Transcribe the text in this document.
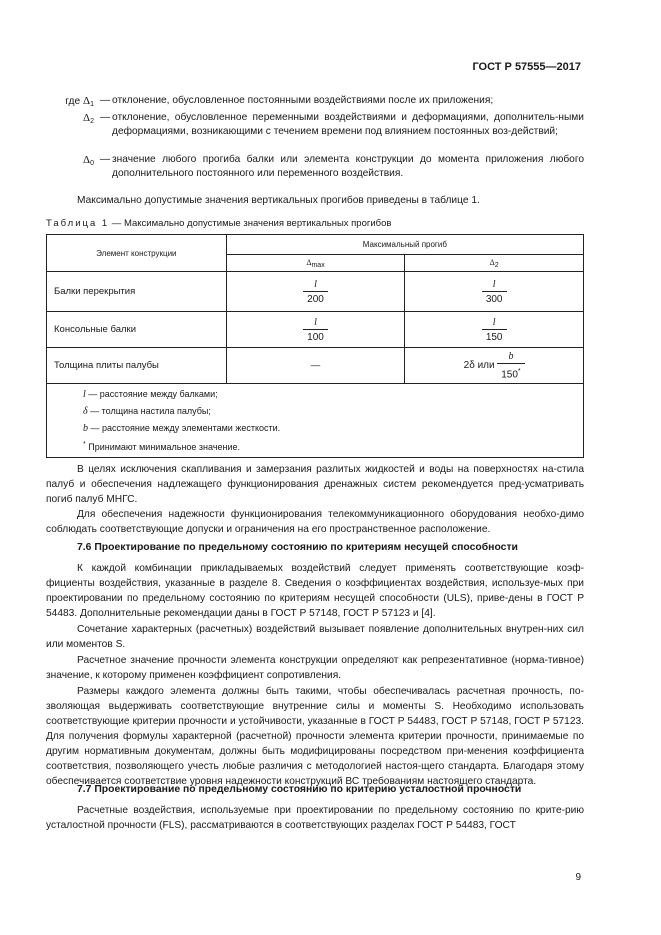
ГОСТ Р 57555—2017
где $\Delta_1$ — отклонение, обусловленное постоянными воздействиями после их приложения;
$\Delta_2$ — отклонение, обусловленное переменными воздействиями и деформациями, дополнитель-ными деформациями, возникающими с течением времени под влиянием постоянных воз-действий;
$\Delta_0$ — значение любого прогиба балки или элемента конструкции до момента приложения любого дополнительного постоянного или переменного воздействия.
Максимально допустимые значения вертикальных прогибов приведены в таблице 1.
Таблица 1 — Максимально допустимые значения вертикальных прогибов
Элемент конструкции	Максимальный прогиб	
	$\Delta_{max}$	$\Delta_2$
Балки перекрытия	$\frac{l}{200}$	$\frac{l}{300}$

Консольные балки	$\frac{l}{100}$	$\frac{l}{150}$

Толщина плиты палубы	—	2δ или $\frac{b}{150^*}$

l — расстояние между балками;
δ — толщина настила палубы;
b — расстояние между элементами жесткости.
* Принимают минимальное значение.		
В целях исключения скапливания и замерзания разлитых жидкостей и воды на поверхностях на-стила палуб и обеспечения надлежащего функционирования дренажных систем рекомендуется пред-усматривать погиб палуб МНГС.
Для обеспечения надежности функционирования телекоммуникационного оборудования необхо-димо соблюдать соответствующие допуски и ограничения на его пространственное расположение.
7.6 Проектирование по предельному состоянию по критериям несущей способности
К каждой комбинации прикладываемых воздействий следует применять соответствующие коэф-фициенты воздействия, указанные в разделе 8. Сведения о коэффициентах воздействия, используе-мых при проектировании по предельному состоянию по критериям несущей способности (ULS), приве-дены в ГОСТ Р 54483. Дополнительные рекомендации даны в ГОСТ Р 57148, ГОСТ Р 57123 и [4].
Сочетание характерных (расчетных) воздействий вызывает появление дополнительных внутрен-них сил или моментов S.
Расчетное значение прочности элемента конструкции определяют как репрезентативное (норма-тивное) значение, к которому применен коэффициент сопротивления.
Размеры каждого элемента должны быть такими, чтобы обеспечивалась расчетная прочность, по-зволяющая выдерживать соответствующие внутренние силы и моменты S. Необходимо использовать соответствующие критерии прочности и устойчивости, указанные в ГОСТ Р 54483, ГОСТ Р 57148, ГОСТ Р 57123. Для получения формулы характерной (расчетной) прочности элемента критерии прочности, принимаемые по другим нормативным документам, должны быть модифицированы посредством при-менения коэффициента соответствия, позволяющего учесть любые различия с методологией настоя-щего стандарта. Благодаря этому обеспечивается соответствие уровня надежности конструкций ВС требованиям настоящего стандарта.
7.7 Проектирование по предельному состоянию по критерию усталостной прочности
Расчетные воздействия, используемые при проектировании по предельному состоянию по крите-рию усталостной прочности (FLS), рассматриваются в соответствующих разделах ГОСТ Р 54483, ГОСТ
9
